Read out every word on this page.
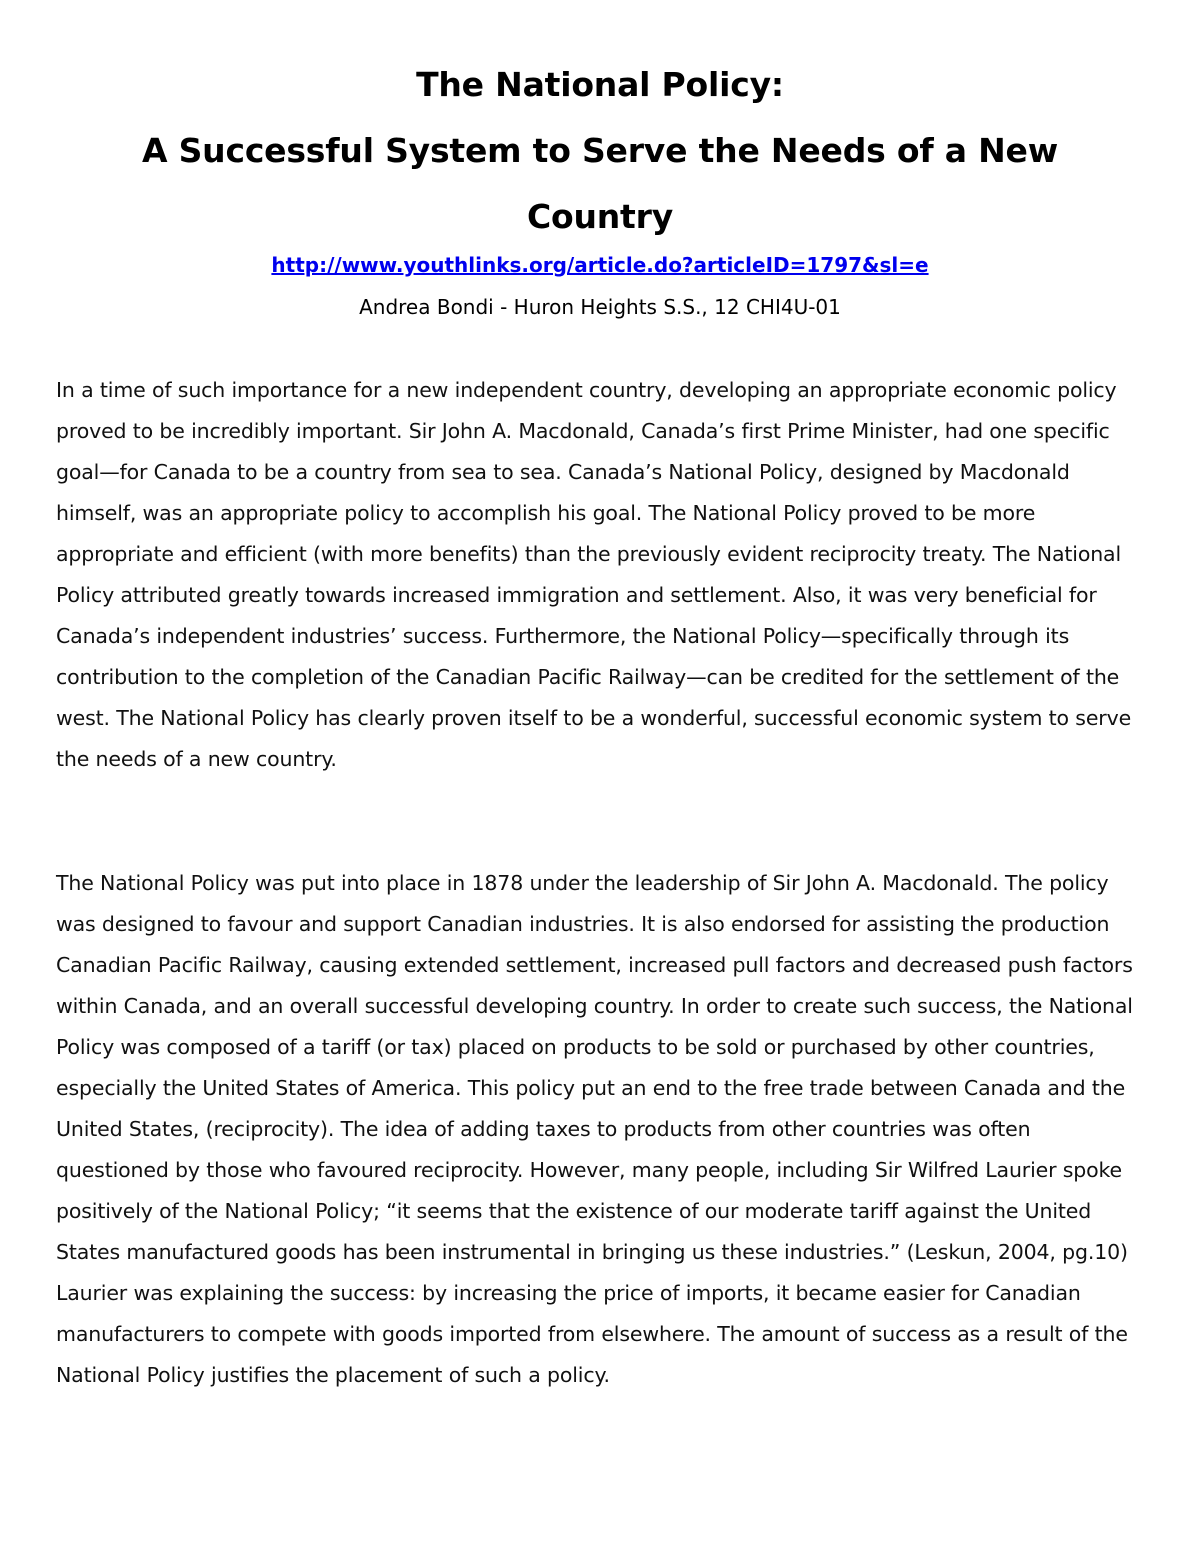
The National Policy:

A Successful System to Serve the Needs of a New

Country

http://www.youthlinks.org/article.do?articleID=1797&sl=e
Andrea Bondi - Huron Heights S.S., 12 CHI4U-01

In a time of such importance for a new independent country, developing an appropriate economic policy proved to be incredibly important. Sir John A. Macdonald, Canada’s first Prime Minister, had one specific goal—for Canada to be a country from sea to sea. Canada’s National Policy, designed by Macdonald himself, was an appropriate policy to accomplish his goal. The National Policy proved to be more appropriate and efficient (with more benefits) than the previously evident reciprocity treaty. The National Policy attributed greatly towards increased immigration and settlement. Also, it was very beneficial for Canada’s independent industries’ success. Furthermore, the National Policy—specifically through its contribution to the completion of the Canadian Pacific Railway—can be credited for the settlement of the west. The National Policy has clearly proven itself to be a wonderful, successful economic system to serve the needs of a new country.

The National Policy was put into place in 1878 under the leadership of Sir John A. Macdonald. The policy was designed to favour and support Canadian industries. It is also endorsed for assisting the production Canadian Pacific Railway, causing extended settlement, increased pull factors and decreased push factors within Canada, and an overall successful developing country. In order to create such success, the National Policy was composed of a tariff (or tax) placed on products to be sold or purchased by other countries, especially the United States of America. This policy put an end to the free trade between Canada and the United States, (reciprocity). The idea of adding taxes to products from other countries was often questioned by those who favoured reciprocity. However, many people, including Sir Wilfred Laurier spoke positively of the National Policy; “it seems that the existence of our moderate tariff against the United States manufactured goods has been instrumental in bringing us these industries.” (Leskun, 2004, pg.10) Laurier was explaining the success: by increasing the price of imports, it became easier for Canadian manufacturers to compete with goods imported from elsewhere. The amount of success as a result of the National Policy justifies the placement of such a policy.
